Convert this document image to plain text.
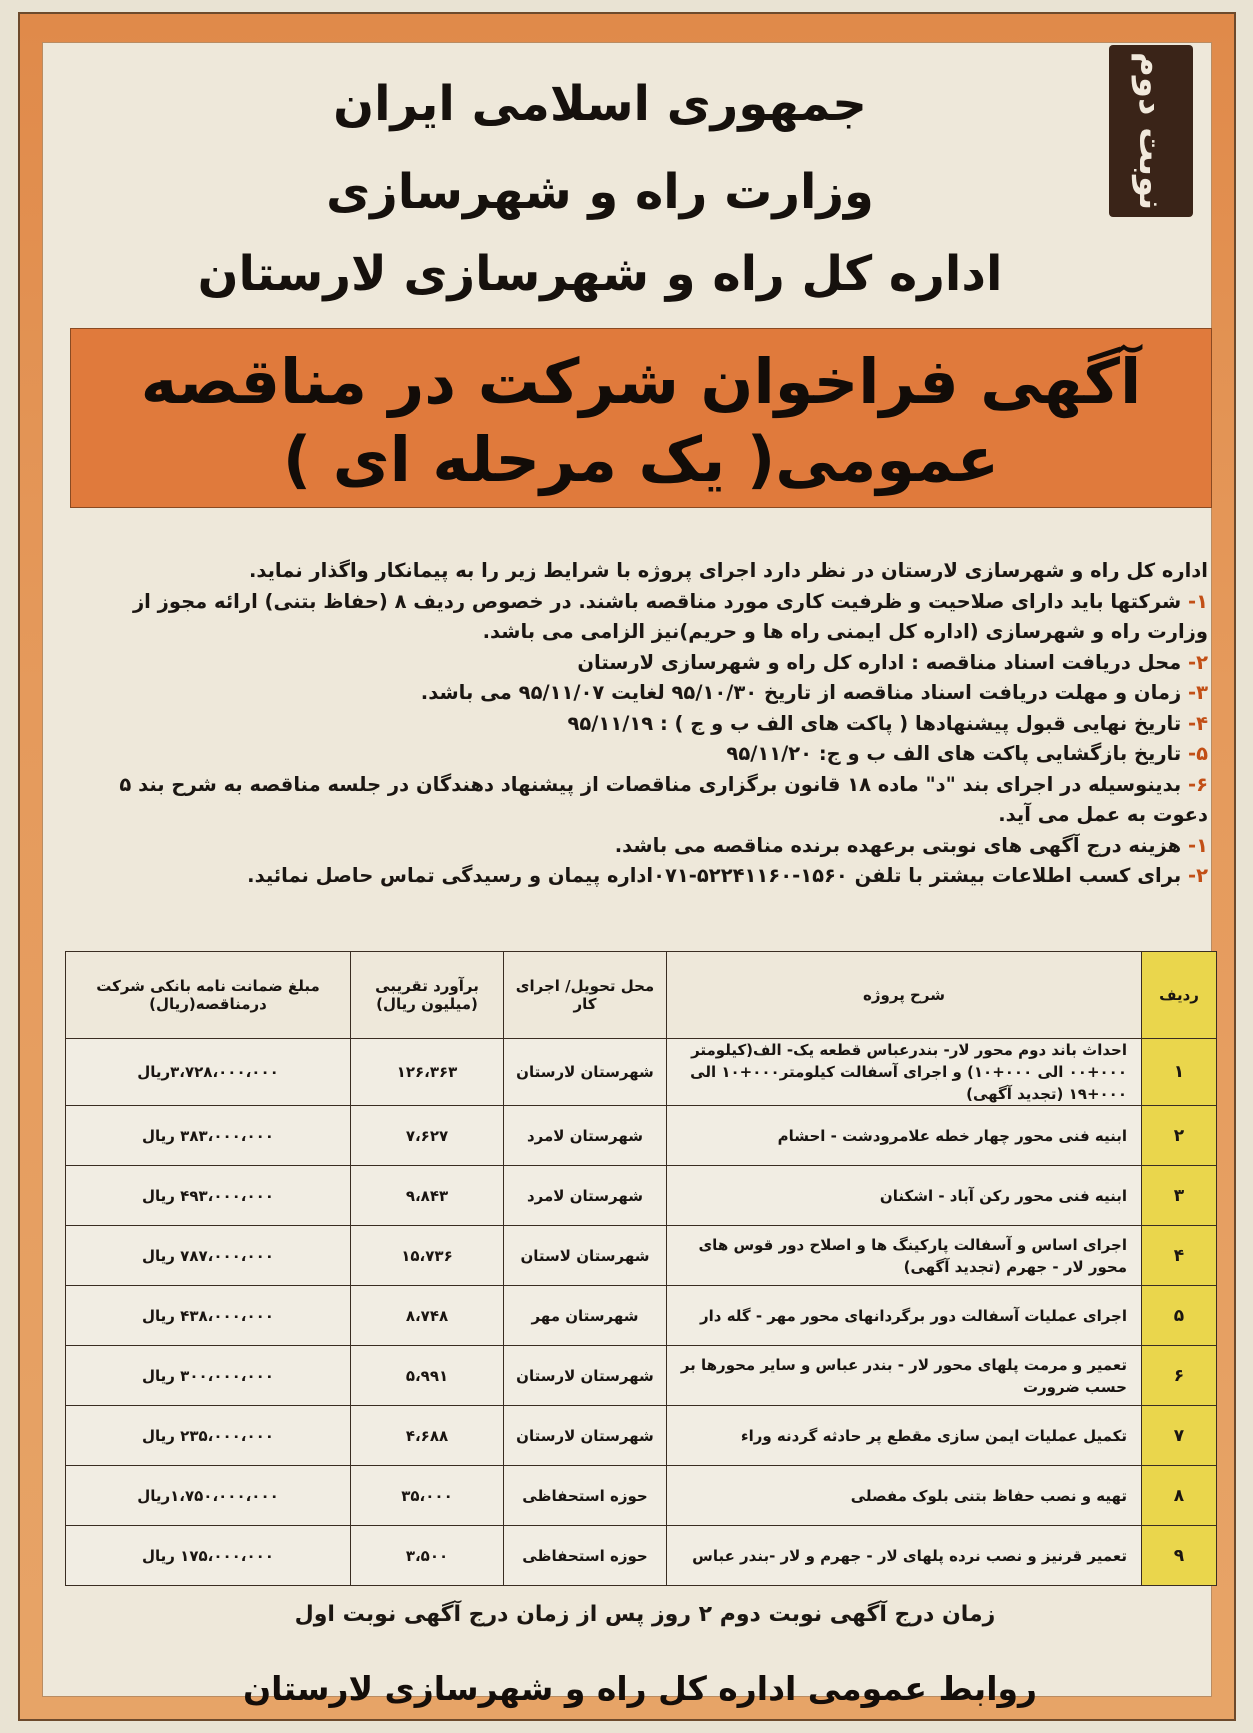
نوبت دوم
جمهوری اسلامی ایران
وزارت راه و شهرسازی
اداره کل راه و شهرسازی لارستان
آگهی فراخوان شرکت در مناقصه
عمومی( یک مرحله ای )

اداره کل راه و شهرسازی لارستان در نظر دارد اجرای پروژه با شرایط زیر را به پیمانکار واگذار نماید.

۱- شرکتها باید دارای صلاحیت و ظرفیت کاری مورد مناقصه باشند. در خصوص ردیف ۸ (حفاظ بتنی) ارائه مجوز از وزارت راه و شهرسازی (اداره کل ایمنی راه ها و حریم)نیز الزامی می باشد.

۲- محل دریافت اسناد مناقصه : اداره کل راه و شهرسازی لارستان

۳- زمان و مهلت دریافت اسناد مناقصه از تاریخ ۹۵/۱۰/۳۰ لغایت ۹۵/۱۱/۰۷ می باشد.

۴- تاریخ نهایی قبول پیشنهادها ( پاکت های الف ب و ج ) : ۹۵/۱۱/۱۹

۵- تاریخ بازگشایی پاکت های الف ب و ج: ۹۵/۱۱/۲۰

۶- بدینوسیله در اجرای بند "د" ماده ۱۸ قانون برگزاری مناقصات از پیشنهاد دهندگان در جلسه مناقصه به شرح بند ۵ دعوت به عمل می آید.

۱- هزینه درج آگهی های نوبتی برعهده برنده مناقصه می باشد.

۲- برای کسب اطلاعات بیشتر با تلفن ۱۵۶۰-۵۲۲۴۱۱۶۰-۰۷۱اداره پیمان و رسیدگی تماس حاصل نمائید.

ردیف	شرح پروژه	محل تحویل/ اجرای کار	برآورد تقریبی (میلیون ریال)	مبلغ ضمانت نامه بانکی شرکت درمناقصه(ریال)
۱	احداث باند دوم محور لار- بندرعباس قطعه یک- الف(کیلومتر ۰۰۰+۰۰ الی ۰۰۰+۱۰) و اجرای آسفالت کیلومتر۰۰۰+۱۰ الی ۰۰۰+۱۹ (تجدید آگهی)	شهرستان لارستان	۱۲۶،۳۶۳	۳،۷۲۸،۰۰۰،۰۰۰ریال
۲	ابنیه فنی محور چهار خطه علامرودشت - احشام	شهرستان لامرد	۷،۶۲۷	۳۸۳،۰۰۰،۰۰۰ ریال
۳	ابنیه فنی محور رکن آباد - اشکنان	شهرستان لامرد	۹،۸۴۳	۴۹۳،۰۰۰،۰۰۰ ریال
۴	اجرای اساس و آسفالت پارکینگ ها و اصلاح دور قوس های محور لار - جهرم (تجدید آگهی)	شهرستان لاستان	۱۵،۷۳۶	۷۸۷،۰۰۰،۰۰۰ ریال
۵	اجرای عملیات آسفالت دور برگردانهای محور مهر - گله دار	شهرستان مهر	۸،۷۴۸	۴۳۸،۰۰۰،۰۰۰ ریال
۶	تعمیر و مرمت پلهای محور لار - بندر عباس و سایر محورها بر حسب ضرورت	شهرستان لارستان	۵،۹۹۱	۳۰۰،۰۰۰،۰۰۰ ریال
۷	تکمیل عملیات ایمن سازی مقطع پر حادثه گردنه وراء	شهرستان لارستان	۴،۶۸۸	۲۳۵،۰۰۰،۰۰۰ ریال
۸	تهیه و نصب حفاظ بتنی بلوک مفصلی	حوزه استحفاظی	۳۵،۰۰۰	۱،۷۵۰،۰۰۰،۰۰۰ریال
۹	تعمیر قرنیز و نصب نرده پلهای لار - جهرم و لار -بندر عباس	حوزه استحفاظی	۳،۵۰۰	۱۷۵،۰۰۰،۰۰۰ ریال
زمان درج آگهی نوبت دوم ۲ روز پس از زمان درج آگهی نوبت اول
روابط عمومی اداره کل راه و شهرسازی لارستان
